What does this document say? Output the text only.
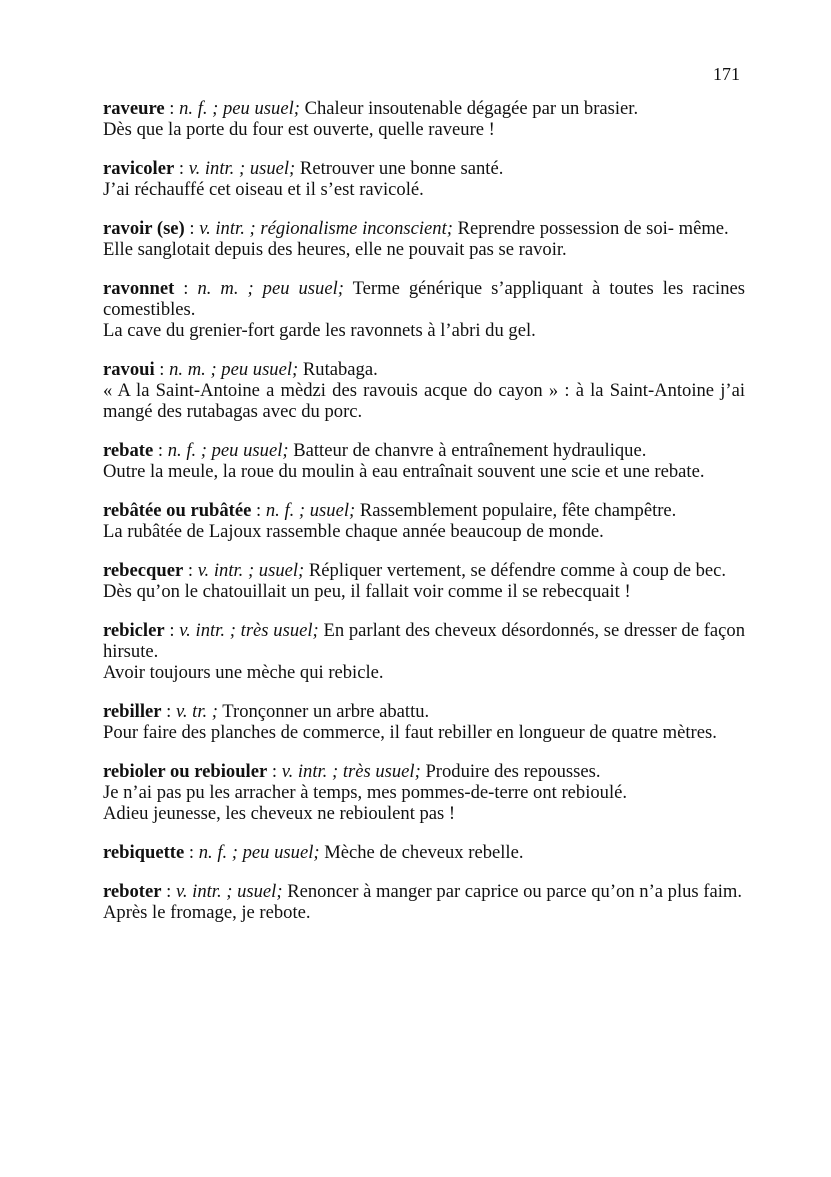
171

raveure : n. f. ; peu usuel; Chaleur insoutenable dégagée par un brasier.

Dès que la porte du four est ouverte, quelle raveure !

ravicoler : v. intr. ; usuel; Retrouver une bonne santé.

J’ai réchauffé cet oiseau et il s’est ravicolé.

ravoir (se) : v. intr. ; régionalisme inconscient; Reprendre possession de soi- même.

Elle sanglotait depuis des heures, elle ne pouvait pas se ravoir.

ravonnet : n. m. ; peu usuel; Terme générique s’appliquant à toutes les racines comestibles.

La cave du grenier-fort garde les ravonnets à l’abri du gel.

ravoui : n. m. ; peu usuel; Rutabaga.

« A la Saint-Antoine a mèdzi des ravouis acque do cayon » : à la Saint-Antoine j’ai mangé des rutabagas avec du porc.

rebate : n. f. ; peu usuel; Batteur de chanvre à entraînement hydraulique.

Outre la meule, la roue du moulin à eau entraînait souvent une scie et une rebate.

rebâtée ou rubâtée : n. f. ; usuel; Rassemblement populaire, fête champêtre.

La rubâtée de Lajoux rassemble chaque année beaucoup de monde.

rebecquer : v. intr. ; usuel; Répliquer vertement, se défendre comme à coup de bec.

Dès qu’on le chatouillait un peu, il fallait voir comme il se rebecquait !

rebicler : v. intr. ; très usuel; En parlant des cheveux désordonnés, se dresser de façon hirsute.

Avoir toujours une mèche qui rebicle.

rebiller : v. tr. ; Tronçonner un arbre abattu.

Pour faire des planches de commerce, il faut rebiller en longueur de quatre mètres.

rebioler ou rebiouler : v. intr. ; très usuel; Produire des repousses.

Je n’ai pas pu les arracher à temps, mes pommes-de-terre ont rebioulé.

Adieu jeunesse, les cheveux ne rebioulent pas !

rebiquette : n. f. ; peu usuel; Mèche de cheveux rebelle.

reboter : v. intr. ; usuel; Renoncer à manger par caprice ou parce qu’on n’a plus faim.

Après le fromage, je rebote.
